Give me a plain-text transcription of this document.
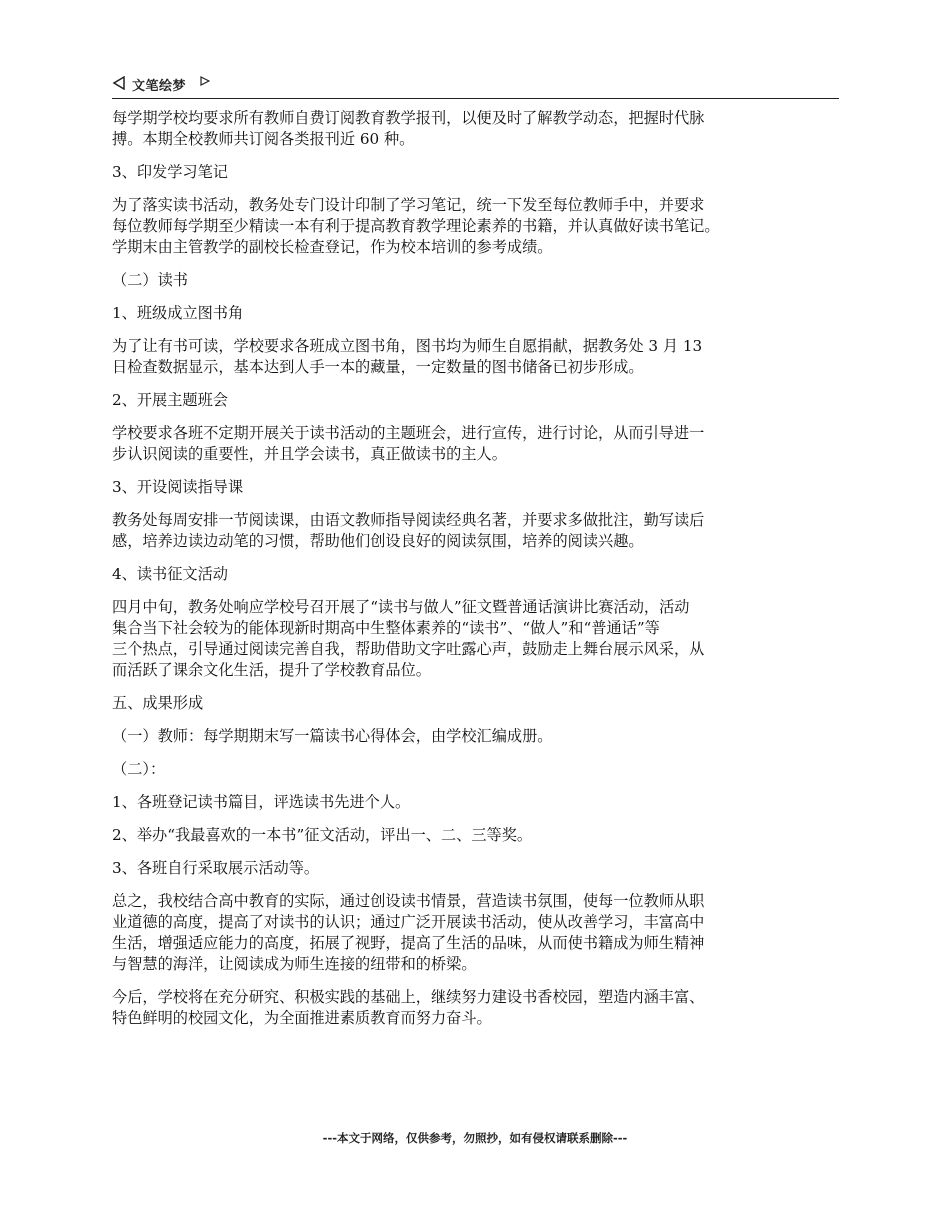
文笔绘梦
每学期学校均要求所有教师自费订阅教育教学报刊，以便及时了解教学动态，把握时代脉
搏。本期全校教师共订阅各类报刊近 60 种。
3、印发学习笔记
为了落实读书活动，教务处专门设计印制了学习笔记，统一下发至每位教师手中，并要求
每位教师每学期至少精读一本有利于提高教育教学理论素养的书籍，并认真做好读书笔记。
学期末由主管教学的副校长检查登记，作为校本培训的参考成绩。
（二）读书
1、班级成立图书角
为了让有书可读，学校要求各班成立图书角，图书均为师生自愿捐献，据教务处 3 月 13
日检查数据显示，基本达到人手一本的藏量，一定数量的图书储备已初步形成。
2、开展主题班会
学校要求各班不定期开展关于读书活动的主题班会，进行宣传，进行讨论，从而引导进一
步认识阅读的重要性，并且学会读书，真正做读书的主人。
3、开设阅读指导课
教务处每周安排一节阅读课，由语文教师指导阅读经典名著，并要求多做批注，勤写读后
感，培养边读边动笔的习惯，帮助他们创设良好的阅读氛围，培养的阅读兴趣。
4、读书征文活动
四月中旬，教务处响应学校号召开展了“读书与做人”征文暨普通话演讲比赛活动，活动
集合当下社会较为的能体现新时期高中生整体素养的“读书”、“做人”和“普通话”等
三个热点，引导通过阅读完善自我，帮助借助文字吐露心声，鼓励走上舞台展示风采，从
而活跃了课余文化生活，提升了学校教育品位。
五、成果形成
（一）教师：每学期期末写一篇读书心得体会，由学校汇编成册。
（二）：
1、各班登记读书篇目，评选读书先进个人。
2、举办“我最喜欢的一本书”征文活动，评出一、二、三等奖。
3、各班自行采取展示活动等。
总之，我校结合高中教育的实际，通过创设读书情景，营造读书氛围，使每一位教师从职
业道德的高度，提高了对读书的认识；通过广泛开展读书活动，使从改善学习，丰富高中
生活，增强适应能力的高度，拓展了视野，提高了生活的品味，从而使书籍成为师生精神
与智慧的海洋，让阅读成为师生连接的纽带和的桥梁。
今后，学校将在充分研究、积极实践的基础上，继续努力建设书香校园，塑造内涵丰富、
特色鲜明的校园文化，为全面推进素质教育而努力奋斗。
---本文于网络，仅供参考，勿照抄，如有侵权请联系删除---
